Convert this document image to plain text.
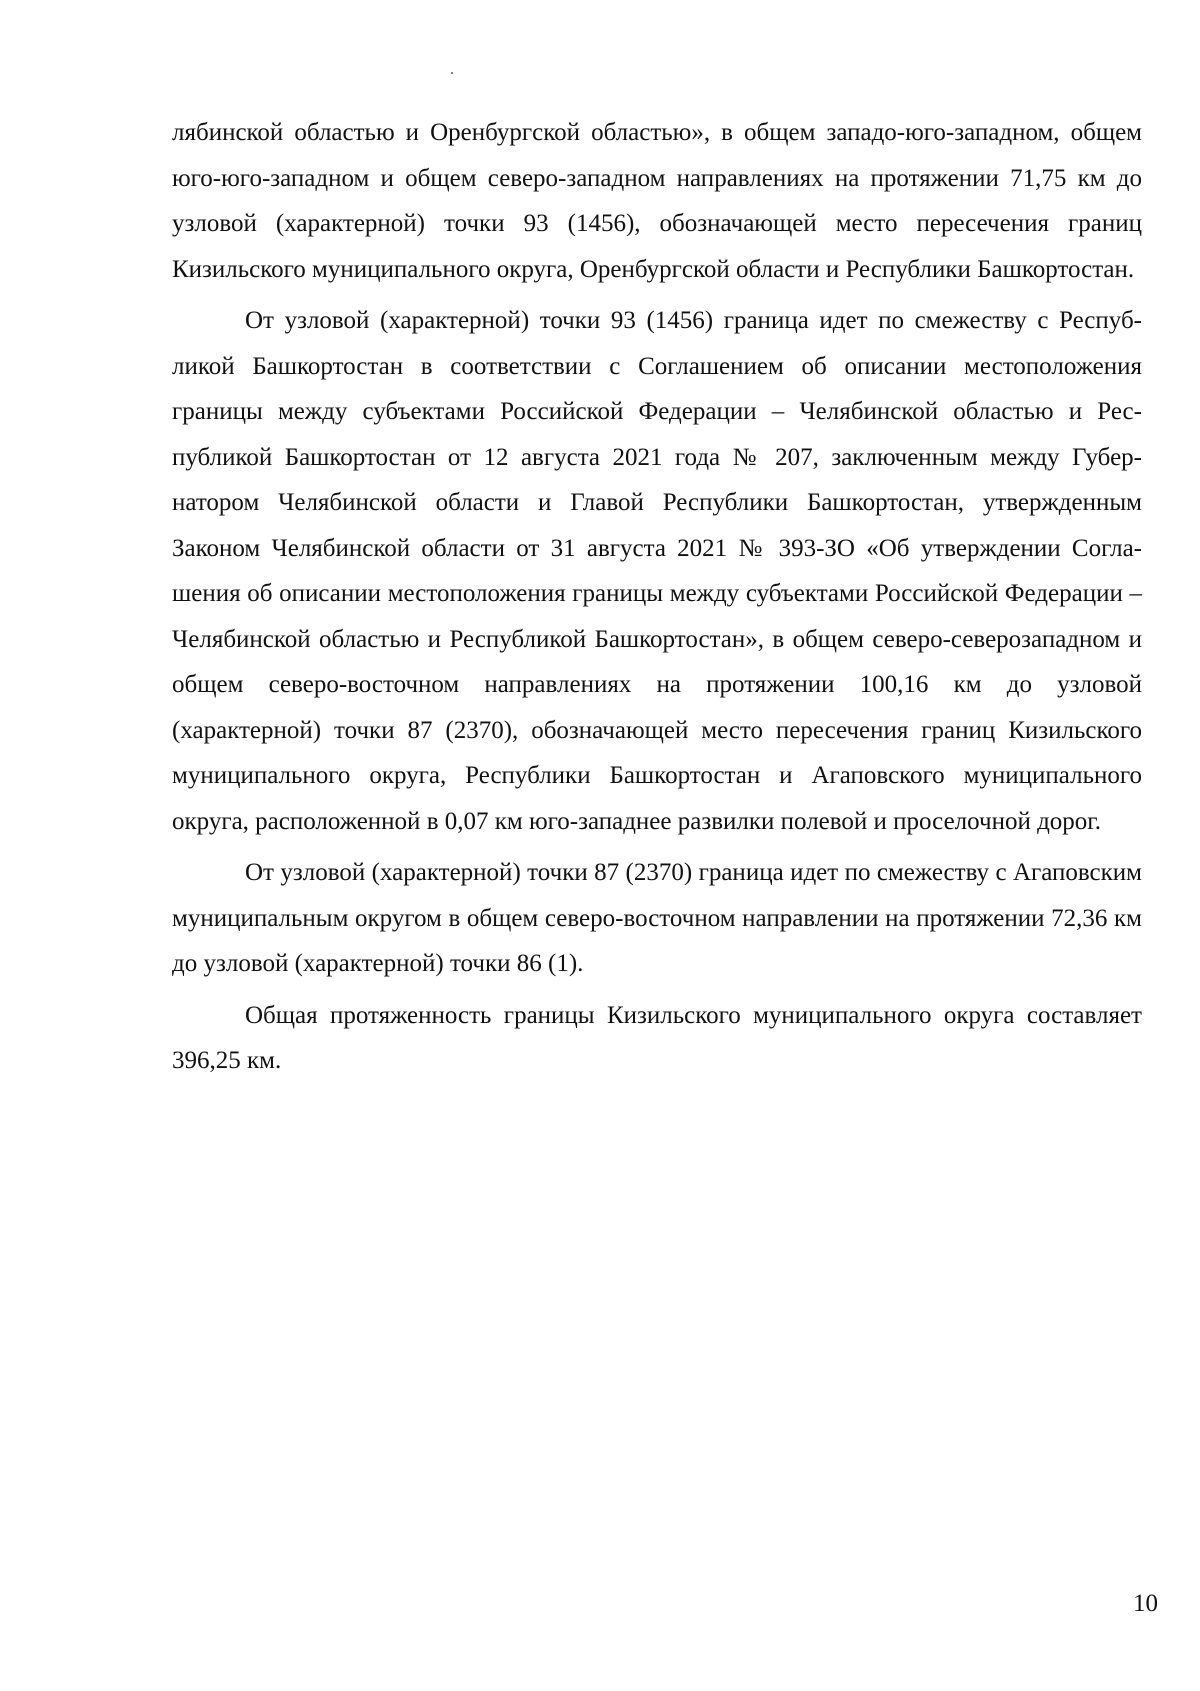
лябинской областью и Оренбургской областью», в общем западо-юго-западном, общем юго-юго-западном и общем северо-западном направлениях на протяжении 71,75 км до узловой (характерной) точки 93 (1456), обозначающей место пересечения границ Кизильского муниципального округа, Оренбургской области и Республики Башкортостан.

От узловой (характерной) точки 93 (1456) граница идет по смежеству с Республикой Башкортостан в соответствии с Соглашением об описании местоположения границы между субъектами Российской Федерации – Челябинской областью и Республикой Башкортостан от 12 августа 2021 года № 207, заключенным между Губернатором Челябинской области и Главой Республики Башкортостан, утвержденным Законом Челябинской области от 31 августа 2021 № 393-ЗО «Об утверждении Соглашения об описании местоположения границы между субъектами Российской Федерации – Челябинской областью и Республикой Башкортостан», в общем северо-северозападном и общем северо-восточном направлениях на протяжении 100,16 км до узловой (характерной) точки 87 (2370), обозначающей место пересечения границ Кизильского муниципального округа, Республики Башкортостан и Агаповского муниципального округа, расположенной в 0,07 км юго-западнее развилки полевой и проселочной дорог.

От узловой (характерной) точки 87 (2370) граница идет по смежеству с Агаповским муниципальным округом в общем северо-восточном направлении на протяжении 72,36 км до узловой (характерной) точки 86 (1).

Общая протяженность границы Кизильского муниципального округа составляет 396,25 км.

10
